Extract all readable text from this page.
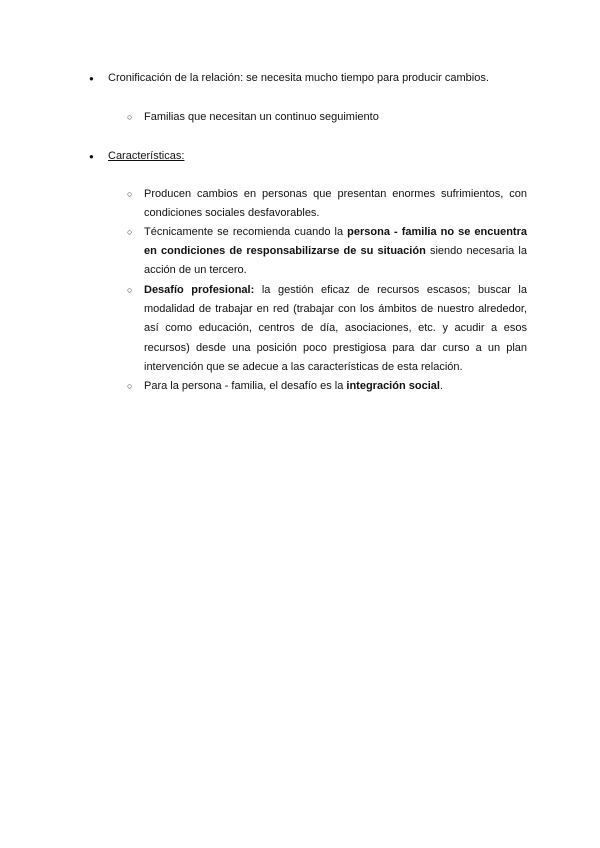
●	Cronificación de la relación: se necesita mucho tiempo para producir cambios.
○	Familias que necesitan un continuo seguimiento
●	Características:
○	Producen cambios en personas que presentan enormes sufrimientos, con condiciones sociales desfavorables.
○	Técnicamente se recomienda cuando la persona - familia no se encuentra en condiciones de responsabilizarse de su situación siendo necesaria la acción de un tercero.
○	Desafío profesional: la gestión eficaz de recursos escasos; buscar la modalidad de trabajar en red (trabajar con los ámbitos de nuestro alrededor, así como educación, centros de día, asociaciones, etc. y acudir a esos recursos) desde una posición poco prestigiosa para dar curso a un plan intervención que se adecue a las características de esta relación.
○	Para la persona - familia, el desafío es la integración social.
